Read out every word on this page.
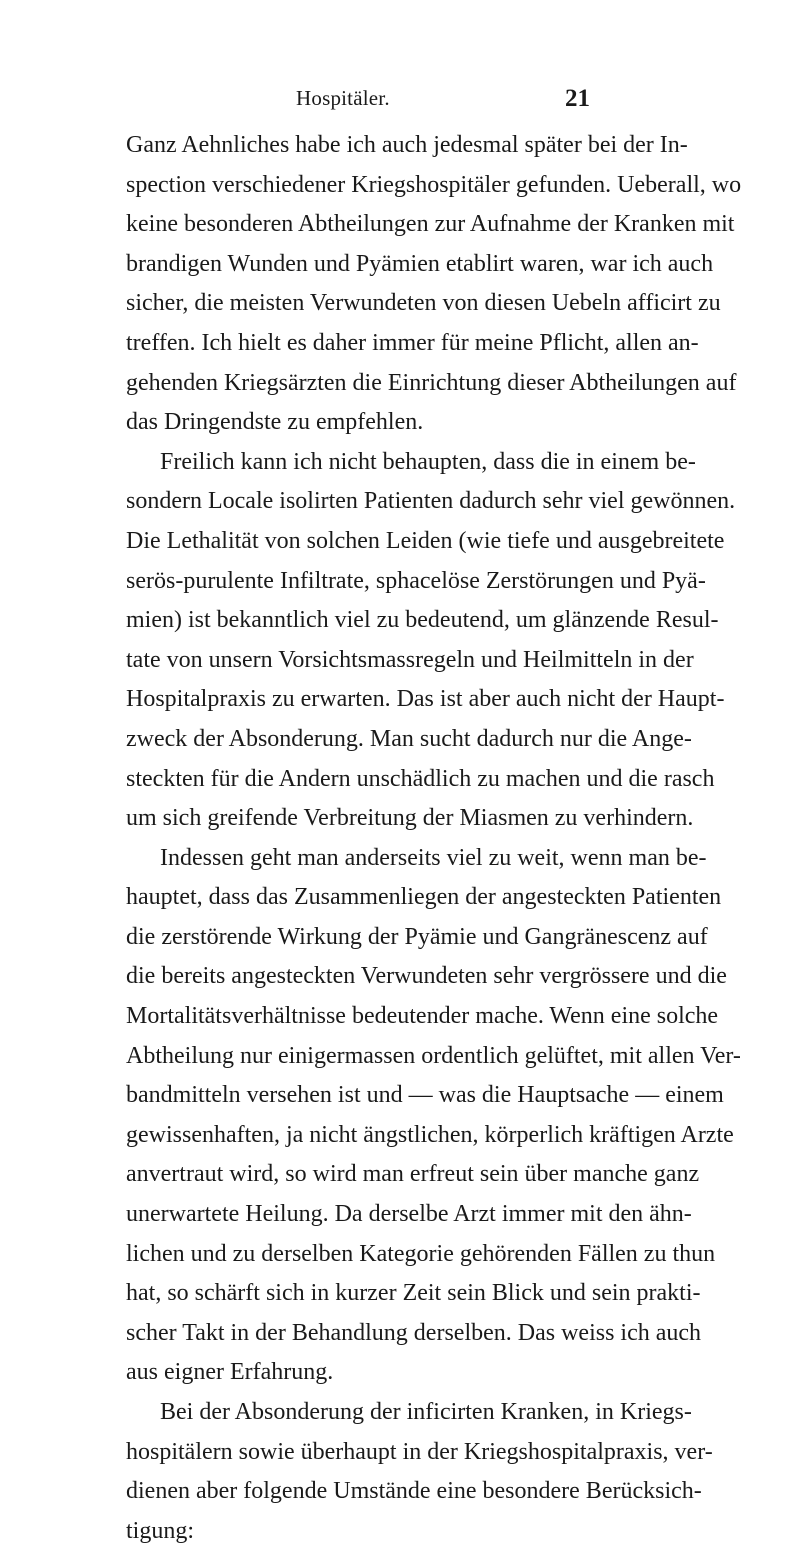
Hospitäler.	21
Ganz Aehnliches habe ich auch jedesmal später bei der In-
spection verschiedener Kriegshospitäler gefunden. Ueberall, wo
keine besonderen Abtheilungen zur Aufnahme der Kranken mit
brandigen Wunden und Pyämien etablirt waren, war ich auch
sicher, die meisten Verwundeten von diesen Uebeln afficirt zu
treffen. Ich hielt es daher immer für meine Pflicht, allen an-
gehenden Kriegsärzten die Einrichtung dieser Abtheilungen auf
das Dringendste zu empfehlen.
Freilich kann ich nicht behaupten, dass die in einem be-
sondern Locale isolirten Patienten dadurch sehr viel gewönnen.
Die Lethalität von solchen Leiden (wie tiefe und ausgebreitete
serös-purulente Infiltrate, sphacelöse Zerstörungen und Pyä-
mien) ist bekanntlich viel zu bedeutend, um glänzende Resul-
tate von unsern Vorsichtsmassregeln und Heilmitteln in der
Hospitalpraxis zu erwarten. Das ist aber auch nicht der Haupt-
zweck der Absonderung. Man sucht dadurch nur die Ange-
steckten für die Andern unschädlich zu machen und die rasch
um sich greifende Verbreitung der Miasmen zu verhindern.
Indessen geht man anderseits viel zu weit, wenn man be-
hauptet, dass das Zusammenliegen der angesteckten Patienten
die zerstörende Wirkung der Pyämie und Gangränescenz auf
die bereits angesteckten Verwundeten sehr vergrössere und die
Mortalitätsverhältnisse bedeutender mache. Wenn eine solche
Abtheilung nur einigermassen ordentlich gelüftet, mit allen Ver-
bandmitteln versehen ist und — was die Hauptsache — einem
gewissenhaften, ja nicht ängstlichen, körperlich kräftigen Arzte
anvertraut wird, so wird man erfreut sein über manche ganz
unerwartete Heilung. Da derselbe Arzt immer mit den ähn-
lichen und zu derselben Kategorie gehörenden Fällen zu thun
hat, so schärft sich in kurzer Zeit sein Blick und sein prakti-
scher Takt in der Behandlung derselben. Das weiss ich auch
aus eigner Erfahrung.
Bei der Absonderung der inficirten Kranken, in Kriegs-
hospitälern sowie überhaupt in der Kriegshospitalpraxis, ver-
dienen aber folgende Umstände eine besondere Berücksich-
tigung:
